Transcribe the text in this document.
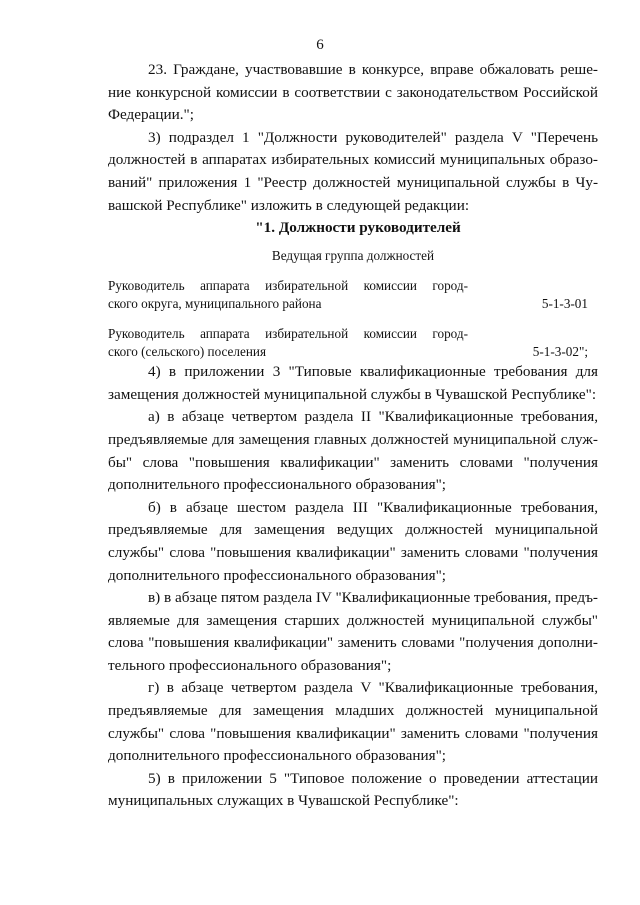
6

23. Граждане, участвовавшие в конкурсе, вправе обжаловать реше-
ние конкурсной комиссии в соответствии с законодательством Российской
Федерации.";

3) подраздел 1 "Должности руководителей" раздела V "Перечень
должностей в аппаратах избирательных комиссий муниципальных образо-
ваний" приложения 1 "Реестр должностей муниципальной службы в Чу-
вашской Республике" изложить в следующей редакции:

"1. Должности руководителей

Ведущая группа должностей

Руководитель аппарата избирательной комиссии город-
ского округа, муниципального района	5-1-3-01
Руководитель аппарата избирательной комиссии город-
ского (сельского) поселения	5-1-3-02";

4) в приложении 3 "Типовые квалификационные требования для
замещения должностей муниципальной службы в Чувашской Республике":

а) в абзаце четвертом раздела II "Квалификационные требования,
предъявляемые для замещения главных должностей муниципальной служ-
бы" слова "повышения квалификации" заменить словами "получения
дополнительного профессионального образования";

б) в абзаце шестом раздела III "Квалификационные требования,
предъявляемые для замещения ведущих должностей муниципальной
службы" слова "повышения квалификации" заменить словами "получения
дополнительного профессионального образования";

в) в абзаце пятом раздела IV "Квалификационные требования, предъ-
являемые для замещения старших должностей муниципальной службы"
слова "повышения квалификации" заменить словами "получения дополни-
тельного профессионального образования";

г) в абзаце четвертом раздела V "Квалификационные требования,
предъявляемые для замещения младших должностей муниципальной
службы" слова "повышения квалификации" заменить словами "получения
дополнительного профессионального образования";

5) в приложении 5 "Типовое положение о проведении аттестации
муниципальных служащих в Чувашской Республике":
